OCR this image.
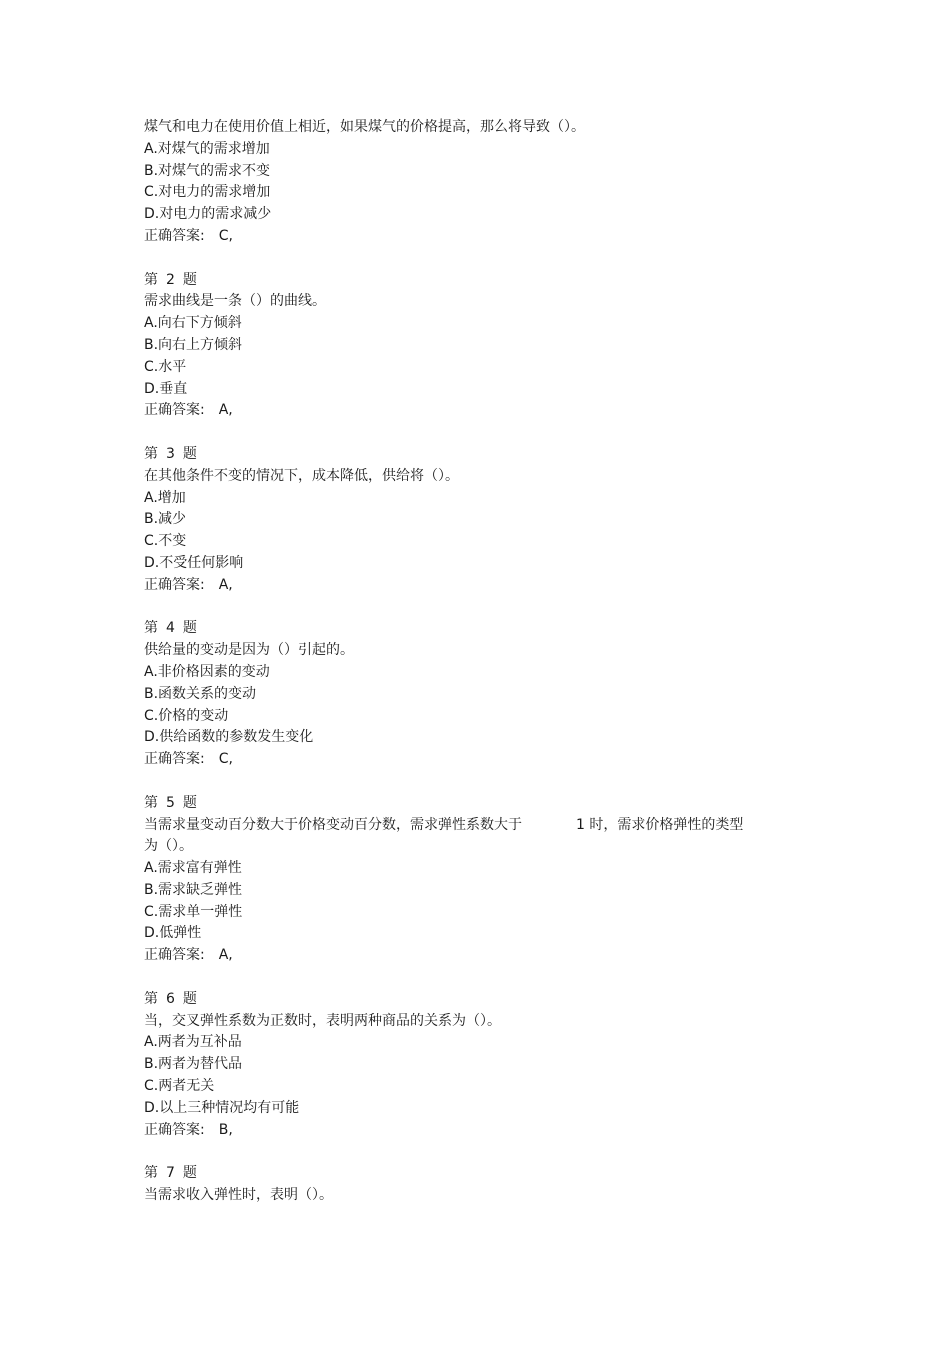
煤气和电力在使用价值上相近，如果煤气的价格提高，那么将导致（）。
A.对煤气的需求增加
B.对煤气的需求不变
C.对电力的需求增加
D.对电力的需求减少
正确答案: C,
第 2 题
需求曲线是一条（）的曲线。
A.向右下方倾斜
B.向右上方倾斜
C.水平
D.垂直
正确答案: A,
第 3 题
在其他条件不变的情况下，成本降低，供给将（）。
A.增加
B.减少
C.不变
D.不受任何影响
正确答案: A,
第 4 题
供给量的变动是因为（）引起的。
A.非价格因素的变动
B.函数关系的变动
C.价格的变动
D.供给函数的参数发生变化
正确答案: C,
第 5 题
当需求量变动百分数大于价格变动百分数，需求弹性系数大于	1 时，需求价格弹性的类型
为（）。
A.需求富有弹性
B.需求缺乏弹性
C.需求单一弹性
D.低弹性
正确答案: A,
第 6 题
当，交叉弹性系数为正数时，表明两种商品的关系为（）。
A.两者为互补品
B.两者为替代品
C.两者无关
D.以上三种情况均有可能
正确答案: B,
第 7 题
当需求收入弹性时，表明（）。
